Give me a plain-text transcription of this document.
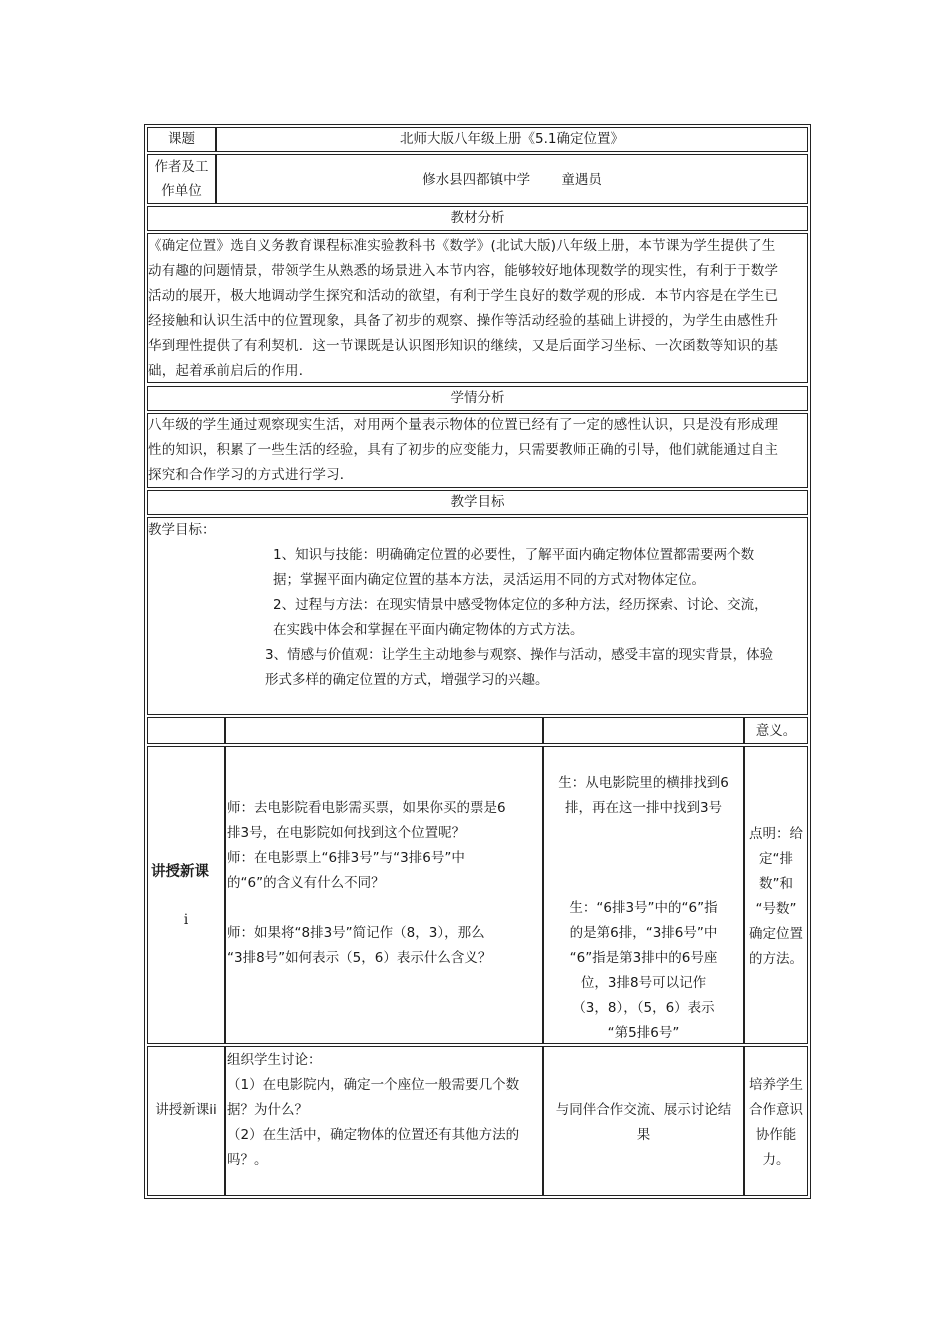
课题	北师大版八年级上册《5.1确定位置》
作者及工
作单位
修水县四都镇中学　　 童遇员
教材分析
《确定位置》选自义务教育课程标准实验教科书《数学》(北试大版)八年级上册，本节课为学生提供了生
动有趣的问题情景，带领学生从熟悉的场景进入本节内容，能够较好地体现数学的现实性，有利于于数学
活动的展开，极大地调动学生探究和活动的欲望，有利于学生良好的数学观的形成．本节内容是在学生已
经接触和认识生活中的位置现象，具备了初步的观察、操作等活动经验的基础上讲授的，为学生由感性升
华到理性提供了有利契机．这一节课既是认识图形知识的继续，又是后面学习坐标、一次函数等知识的基
础，起着承前启后的作用．
学情分析
八年级的学生通过观察现实生活，对用两个量表示物体的位置已经有了一定的感性认识，只是没有形成理
性的知识，积累了一些生活的经验，具有了初步的应变能力，只需要教师正确的引导，他们就能通过自主
探究和合作学习的方式进行学习．
教学目标
教学目标：
1、知识与技能：明确确定位置的必要性，了解平面内确定物体位置都需要两个数
据；掌握平面内确定位置的基本方法，灵活运用不同的方式对物体定位。
2、过程与方法：在现实情景中感受物体定位的多种方法，经历探索、讨论、交流，
在实践中体会和掌握在平面内确定物体的方式方法。
3、情感与价值观：让学生主动地参与观察、操作与活动，感受丰富的现实背景，体验
形式多样的确定位置的方式，增强学习的兴趣。
意义。
讲授新课
i
师：去电影院看电影需买票，如果你买的票是6
排3号，在电影院如何找到这个位置呢？
师：在电影票上“6排3号”与“3排6号”中
的“6”的含义有什么不同？
师：如果将“8排3号”简记作（8，3），那么
“3排8号”如何表示（5，6）表示什么含义？
生：从电影院里的横排找到6
排，再在这一排中找到3号
生：“6排3号”中的“6”指
的是第6排，“3排6号”中
“6”指是第3排中的6号座
位，3排8号可以记作
（3，8），（5，6）表示
“第5排6号”
点明：给
定“排
数”和
“号数”
确定位置
的方法。
讲授新课ii
组织学生讨论：
（1）在电影院内，确定一个座位一般需要几个数
据？为什么？
（2）在生活中，确定物体的位置还有其他方法的
吗？。
与同伴合作交流、展示讨论结
果
培养学生
合作意识
协作能
力。
